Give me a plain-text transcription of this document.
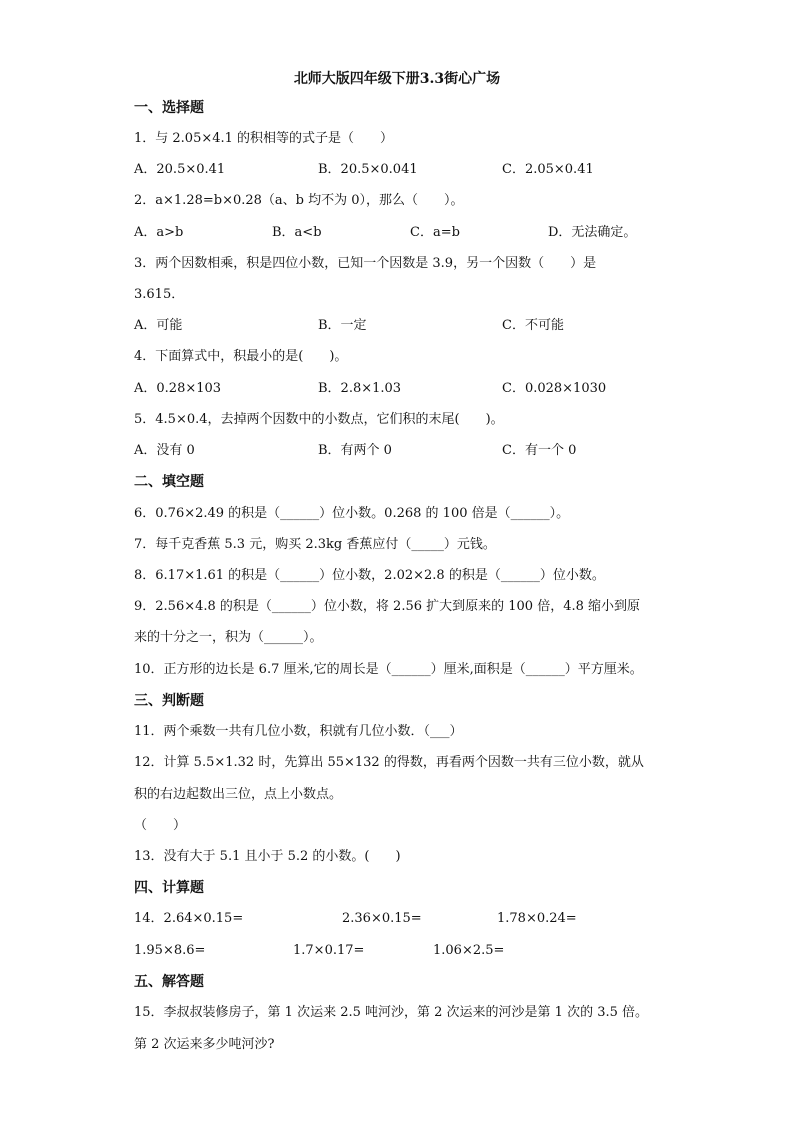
北师大版四年级下册3.3街心广场
一、选择题
1．与 2.05×4.1 的积相等的式子是（　　）
A．20.5×0.41	B．20.5×0.041	C．2.05×0.41
2．a×1.28=b×0.28（a、b 均不为 0），那么（　　）。
A．a>b	B．a<b	C．a=b	D．无法确定。
3．两个因数相乘，积是四位小数，已知一个因数是 3.9，另一个因数（　　）是
3.615．
A．可能	B．一定	C．不可能
4．下面算式中，积最小的是(　　)。
A．0.28×103	B．2.8×1.03	C．0.028×1030
5．4.5×0.4，去掉两个因数中的小数点，它们积的末尾(　　)。
A．没有 0	B．有两个 0	C．有一个 0
二、填空题
6．0.76×2.49 的积是（______）位小数。0.268 的 100 倍是（______）。
7．每千克香蕉 5.3 元，购买 2.3kg 香蕉应付（_____）元钱。
8．6.17×1.61 的积是（______）位小数，2.02×2.8 的积是（______）位小数。
9．2.56×4.8 的积是（______）位小数，将 2.56 扩大到原来的 100 倍，4.8 缩小到原
来的十分之一，积为（______）。
10．正方形的边长是 6.7 厘米,它的周长是（______）厘米,面积是（______）平方厘米。
三、判断题
11．两个乘数一共有几位小数，积就有几位小数．（___）
12．计算 5.5×1.32 时，先算出 55×132 的得数，再看两个因数一共有三位小数，就从
积的右边起数出三位，点上小数点。
（　　）
13．没有大于 5.1 且小于 5.2 的小数。(　　)
四、计算题
14．2.64×0.15=	2.36×0.15=	1.78×0.24=
1.95×8.6=	1.7×0.17=	1.06×2.5=
五、解答题
15．李叔叔装修房子，第 1 次运来 2.5 吨河沙，第 2 次运来的河沙是第 1 次的 3.5 倍。
第 2 次运来多少吨河沙?
